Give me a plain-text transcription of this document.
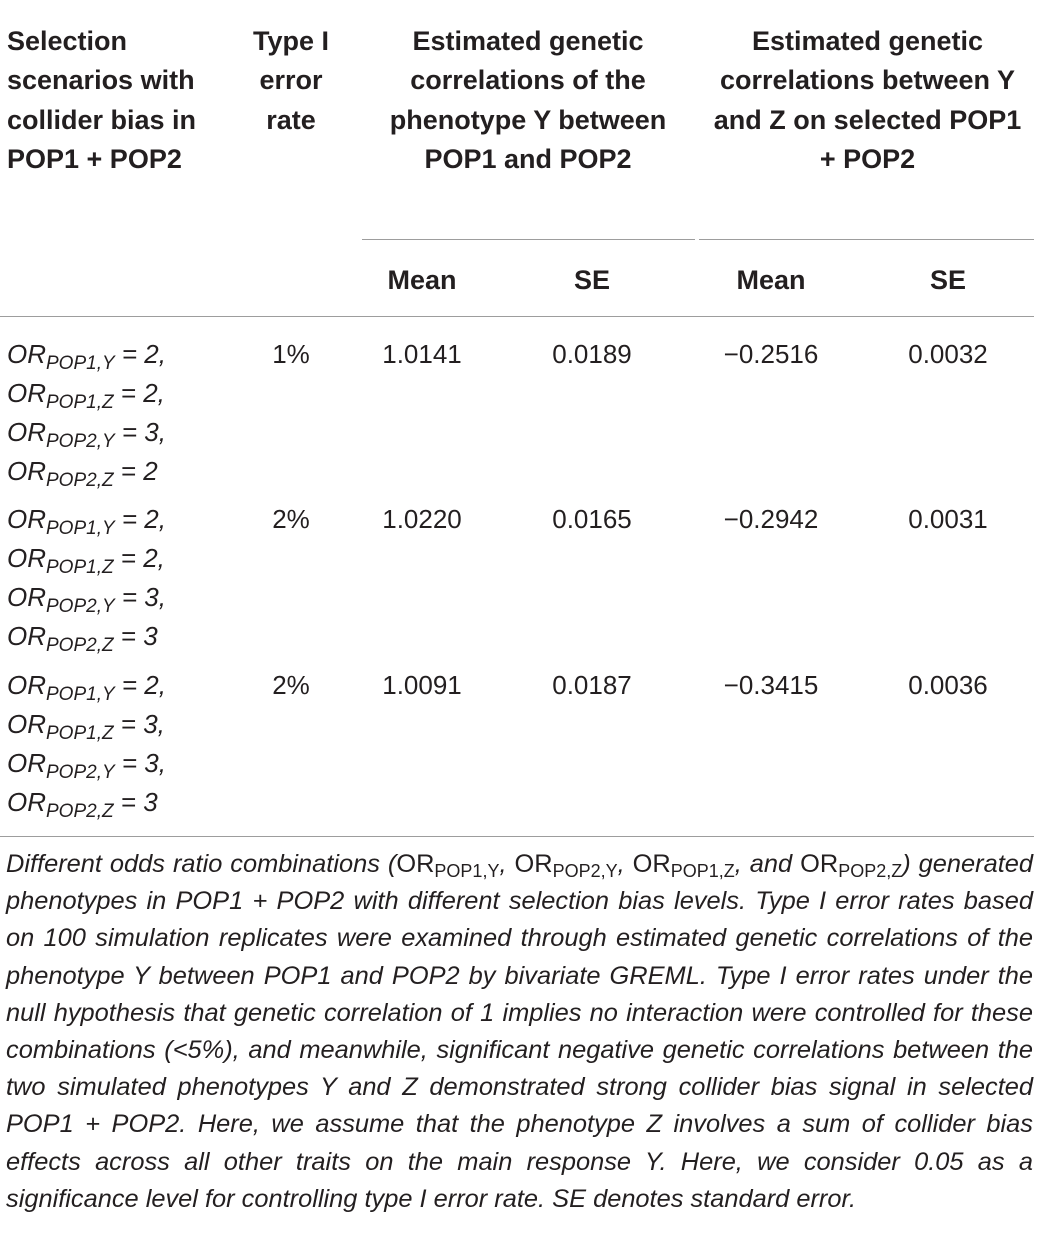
Selection scenarios with collider bias in POP1 + POP2

Type I error rate

Estimated genetic correlations of the phenotype Y between POP1 and POP2

Estimated genetic correlations between Y and Z on selected POP1 + POP2

Mean	SE	Mean	SE

$OR_{POP1,Y} = 2$,
$OR_{POP1,Z} = 2$,
$OR_{POP2,Y} = 3$,
$OR_{POP2,Z} = 2$
1%	1.0141	0.0189	−0.2516	0.0032
$OR_{POP1,Y} = 2$,
$OR_{POP1,Z} = 2$,
$OR_{POP2,Y} = 3$,
$OR_{POP2,Z} = 3$
2%	1.0220	0.0165	−0.2942	0.0031
$OR_{POP1,Y} = 2$,
$OR_{POP1,Z} = 3$,
$OR_{POP2,Y} = 3$,
$OR_{POP2,Z} = 3$
2%	1.0091	0.0187	−0.3415	0.0036

Different odds ratio combinations ($OR_{POP1,Y}$, $OR_{POP2,Y}$, $OR_{POP1,Z}$, and $OR_{POP2,Z}$) generated phenotypes in POP1 + POP2 with different selection bias levels. Type I error rates based on 100 simulation replicates were examined through estimated genetic correlations of the phenotype Y between POP1 and POP2 by bivariate GREML. Type I error rates under the null hypothesis that genetic correlation of 1 implies no interaction were controlled for these combinations (<5%), and meanwhile, significant negative genetic correlations between the two simulated phenotypes Y and Z demonstrated strong collider bias signal in selected POP1 + POP2. Here, we assume that the phenotype Z involves a sum of collider bias effects across all other traits on the main response Y. Here, we consider 0.05 as a significance level for controlling type I error rate. SE denotes standard error.
